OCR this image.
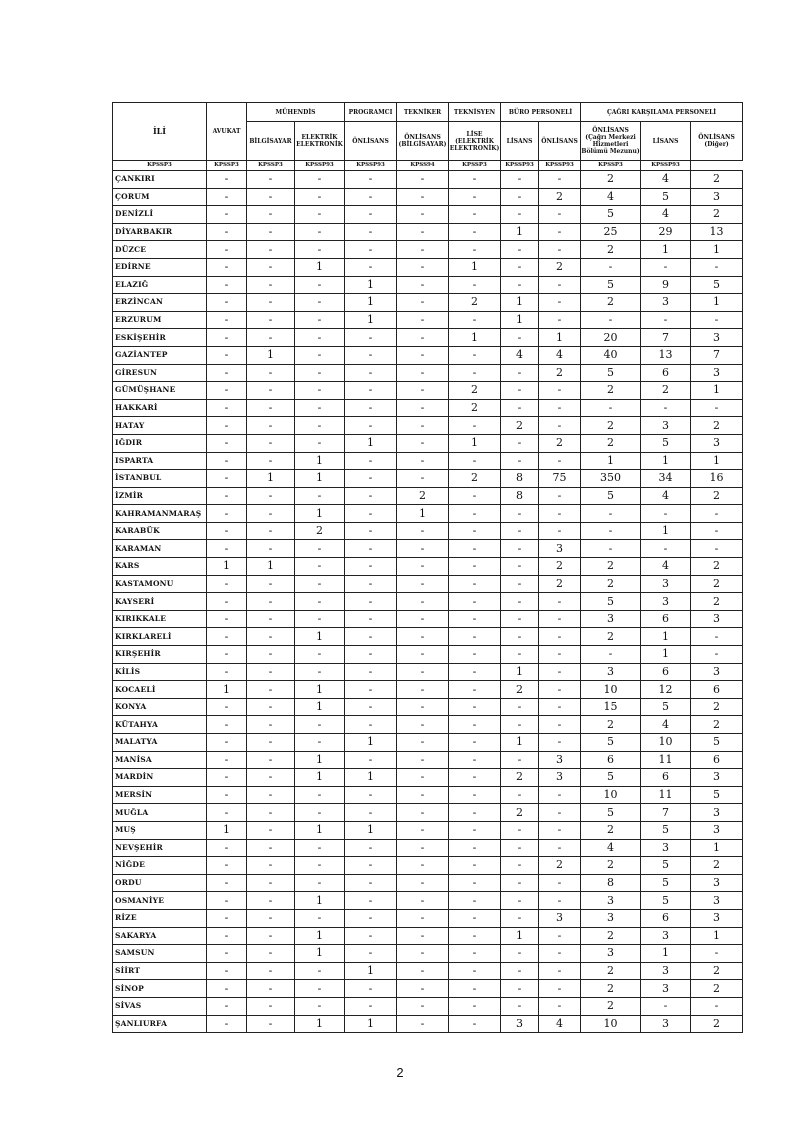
İLİ	AVUKAT	MÜHENDİS		PROGRAMCI	TEKNİKER	TEKNİSYEN	BÜRO PERSONELİ		ÇAĞRI KARŞILAMA PERSONELİ		
		BİLGİSAYAR	ELEKTRİK ELEKTRONİK	ÖNLİSANS	ÖNLİSANS (BİLGİSAYAR)	LİSE (ELEKTRİK ELEKTRONİK)	LİSANS	ÖNLİSANS	ÖNLİSANS (Çağrı Merkezi Hizmetleri Bölümü Mezunu)	LİSANS	ÖNLİSANS (Diğer)
KPSSP3	KPSSP3	KPSSP3	KPSSP93	KPSSP93	KPSS94	KPSSP3	KPSSP93	KPSSP93	KPSSP3	KPSSP93	
ÇANKIRI	-	-	-	-	-	-	-	-	2	4	2
ÇORUM	-	-	-	-	-	-	-	2	4	5	3
DENİZLİ	-	-	-	-	-	-	-	-	5	4	2
DİYARBAKIR	-	-	-	-	-	-	1	-	25	29	13
DÜZCE	-	-	-	-	-	-	-	-	2	1	1
EDİRNE	-	-	1	-	-	1	-	2	-	-	-
ELAZIĞ	-	-	-	1	-	-	-	-	5	9	5
ERZİNCAN	-	-	-	1	-	2	1	-	2	3	1
ERZURUM	-	-	-	1	-	-	1	-	-	-	-
ESKİŞEHİR	-	-	-	-	-	1	-	1	20	7	3
GAZİANTEP	-	1	-	-	-	-	4	4	40	13	7
GİRESUN	-	-	-	-	-	-	-	2	5	6	3
GÜMÜŞHANE	-	-	-	-	-	2	-	-	2	2	1
HAKKARİ	-	-	-	-	-	2	-	-	-	-	-
HATAY	-	-	-	-	-	-	2	-	2	3	2
IĞDIR	-	-	-	1	-	1	-	2	2	5	3
ISPARTA	-	-	1	-	-	-	-	-	1	1	1
İSTANBUL	-	1	1	-	-	2	8	75	350	34	16
İZMİR	-	-	-	-	2	-	8	-	5	4	2
KAHRAMANMARAŞ	-	-	1	-	1	-	-	-	-	-	-
KARABÜK	-	-	2	-	-	-	-	-	-	1	-
KARAMAN	-	-	-	-	-	-	-	3	-	-	-
KARS	1	1	-	-	-	-	-	2	2	4	2
KASTAMONU	-	-	-	-	-	-	-	2	2	3	2
KAYSERİ	-	-	-	-	-	-	-	-	5	3	2
KIRIKKALE	-	-	-	-	-	-	-	-	3	6	3
KIRKLARELİ	-	-	1	-	-	-	-	-	2	1	-
KIRŞEHİR	-	-	-	-	-	-	-	-	-	1	-
KİLİS	-	-	-	-	-	-	1	-	3	6	3
KOCAELİ	1	-	1	-	-	-	2	-	10	12	6
KONYA	-	-	1	-	-	-	-	-	15	5	2
KÜTAHYA	-	-	-	-	-	-	-	-	2	4	2
MALATYA	-	-	-	1	-	-	1	-	5	10	5
MANİSA	-	-	1	-	-	-	-	3	6	11	6
MARDİN	-	-	1	1	-	-	2	3	5	6	3
MERSİN	-	-	-	-	-	-	-	-	10	11	5
MUĞLA	-	-	-	-	-	-	2	-	5	7	3
MUŞ	1	-	1	1	-	-	-	-	2	5	3
NEVŞEHİR	-	-	-	-	-	-	-	-	4	3	1
NİĞDE	-	-	-	-	-	-	-	2	2	5	2
ORDU	-	-	-	-	-	-	-	-	8	5	3
OSMANİYE	-	-	1	-	-	-	-	-	3	5	3
RİZE	-	-	-	-	-	-	-	3	3	6	3
SAKARYA	-	-	1	-	-	-	1	-	2	3	1
SAMSUN	-	-	1	-	-	-	-	-	3	1	-
SİİRT	-	-	-	1	-	-	-	-	2	3	2
SİNOP	-	-	-	-	-	-	-	-	2	3	2
SİVAS	-	-	-	-	-	-	-	-	2	-	-
ŞANLIURFA	-	-	1	1	-	-	3	4	10	3	2
2
